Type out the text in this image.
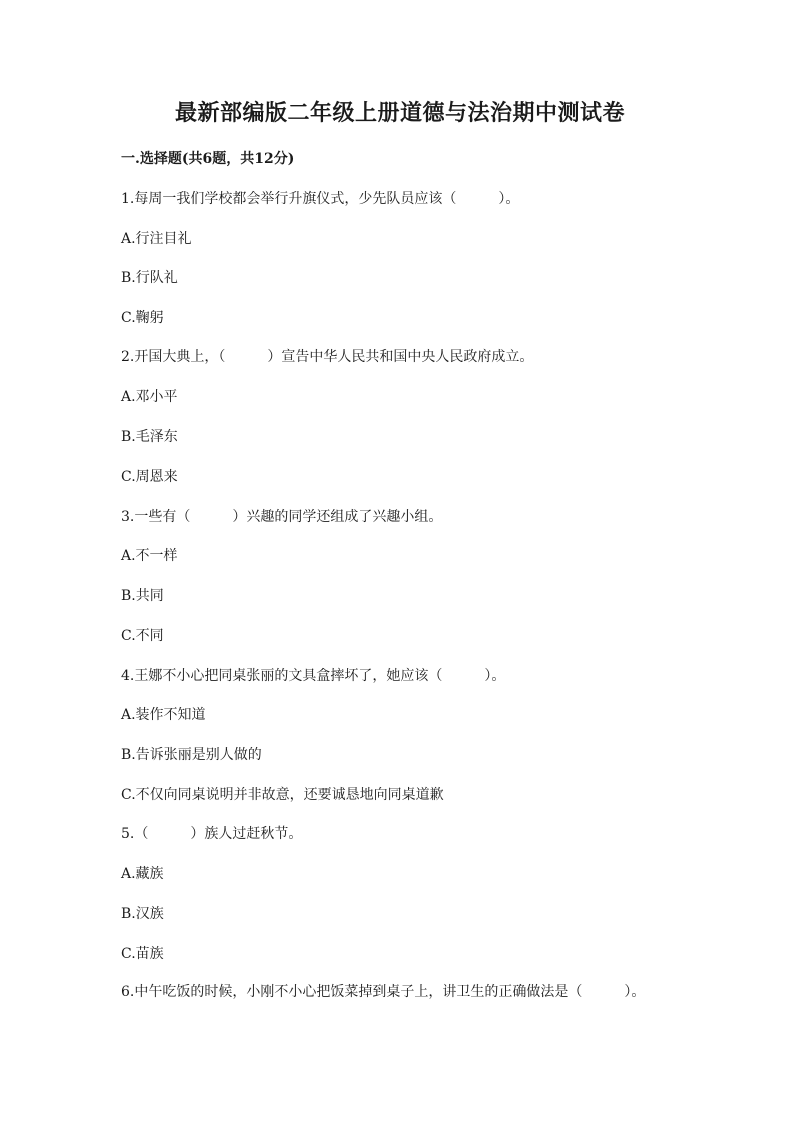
最新部编版二年级上册道德与法治期中测试卷
一.选择题(共6题，共12分)
1.每周一我们学校都会举行升旗仪式，少先队员应该（　　　）。
A.行注目礼
B.行队礼
C.鞠躬
2.开国大典上，（　　　）宣告中华人民共和国中央人民政府成立。
A.邓小平
B.毛泽东
C.周恩来
3.一些有（　　　）兴趣的同学还组成了兴趣小组。
A.不一样
B.共同
C.不同
4.王娜不小心把同桌张丽的文具盒摔坏了，她应该（　　　）。
A.装作不知道
B.告诉张丽是别人做的
C.不仅向同桌说明并非故意，还要诚恳地向同桌道歉
5.（　　　）族人过赶秋节。
A.藏族
B.汉族
C.苗族
6.中午吃饭的时候，小刚不小心把饭菜掉到桌子上，讲卫生的正确做法是（　　　）。
